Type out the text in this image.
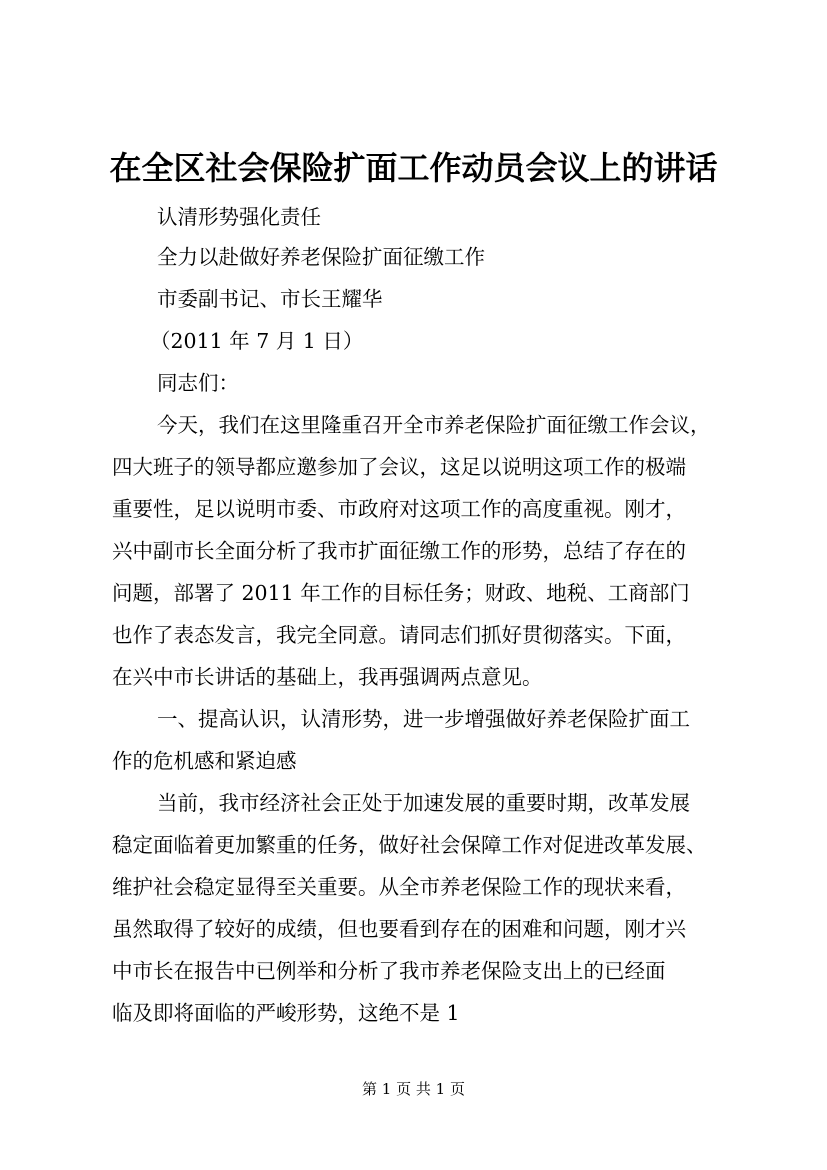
在全区社会保险扩面工作动员会议上的讲话
认清形势强化责任
全力以赴做好养老保险扩面征缴工作
市委副书记、市长王耀华
（2011 年 7 月 1 日）
同志们：
今天，我们在这里隆重召开全市养老保险扩面征缴工作会议，
四大班子的领导都应邀参加了会议，这足以说明这项工作的极端
重要性，足以说明市委、市政府对这项工作的高度重视。刚才，
兴中副市长全面分析了我市扩面征缴工作的形势，总结了存在的
问题，部署了 2011 年工作的目标任务；财政、地税、工商部门
也作了表态发言，我完全同意。请同志们抓好贯彻落实。下面，
在兴中市长讲话的基础上，我再强调两点意见。
一、提高认识，认清形势，进一步增强做好养老保险扩面工
作的危机感和紧迫感
当前，我市经济社会正处于加速发展的重要时期，改革发展
稳定面临着更加繁重的任务，做好社会保障工作对促进改革发展、
维护社会稳定显得至关重要。从全市养老保险工作的现状来看，
虽然取得了较好的成绩，但也要看到存在的困难和问题，刚才兴
中市长在报告中已例举和分析了我市养老保险支出上的已经面
临及即将面临的严峻形势，这绝不是 1
第 1 页 共 1 页
